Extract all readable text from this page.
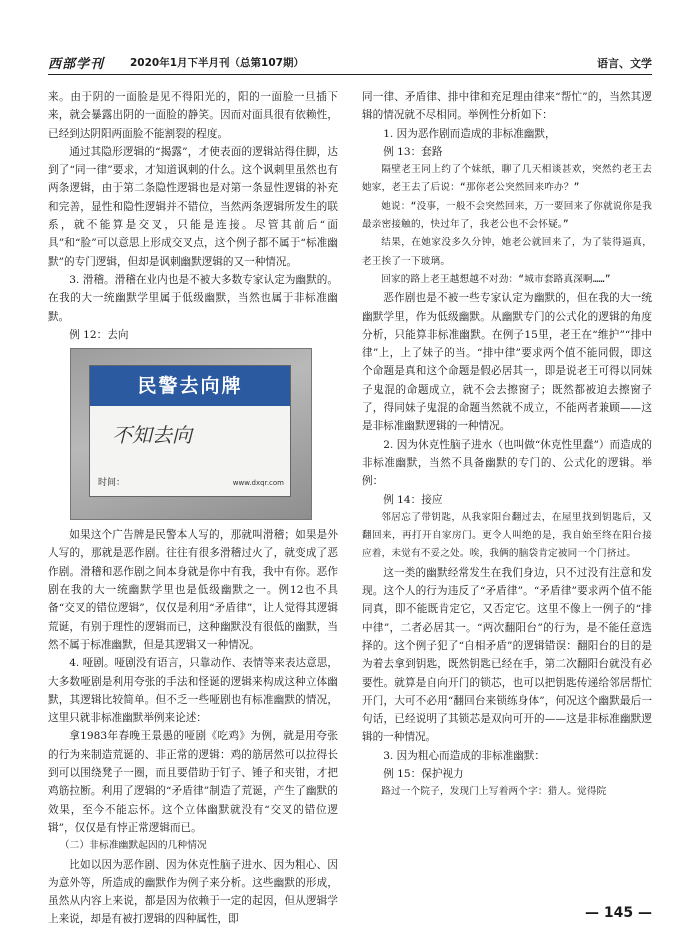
西部学刊 2020年1月下半月刊（总第107期）	语言、文学

来。由于阴的一面脸是见不得阳光的，阳的一面脸一旦插下来，就会暴露出阴的一面脸的静笑。因而对面具很有依赖性，已经到达阴阳两面脸不能割裂的程度。

通过其隐形逻辑的“揭露”，才使表面的逻辑站得住脚，达到了“同一律”要求，才知道讽刺的什么。这个讽刺里虽然也有两条逻辑，由于第二条隐性逻辑也是对第一条显性逻辑的补充和完善，显性和隐性逻辑并不错位，当然两条逻辑所发生的联系，就不能算是交叉，只能是连接。尽管其前后“面具”和“脸”可以意思上形成交叉点，这个例子都不属于“标准幽默”的专门逻辑，但却是讽刺幽默逻辑的又一种情况。

3. 滑稽。滑稽在业内也是不被大多数专家认定为幽默的。在我的大一统幽默学里属于低级幽默，当然也属于非标准幽默。

例 12：去向

民警去向牌
不知去向
时间：	www.dxqr.com

如果这个广告牌是民警本人写的，那就叫滑稽；如果是外人写的，那就是恶作剧。往往有很多滑稽过火了，就变成了恶作剧。滑稽和恶作剧之间本身就是你中有我，我中有你。恶作剧在我的大一统幽默学里也是低级幽默之一。例12也不具备“交叉的错位逻辑”，仅仅是利用“矛盾律”，让人觉得其逻辑荒诞，有别于理性的逻辑而已，这种幽默没有很低的幽默，当然不属于标准幽默，但是其逻辑又一种情况。

4. 哑剧。哑剧没有语言，只靠动作、表情等来表达意思，大多数哑剧是利用夸张的手法和怪诞的逻辑来构成这种立体幽默，其逻辑比较简单。但不乏一些哑剧也有标准幽默的情况，这里只就非标准幽默举例来论述：

拿1983年春晚王景愚的哑剧《吃鸡》为例，就是用夸张的行为来制造荒诞的、非正常的逻辑：鸡的筋居然可以拉得长到可以围绕凳子一圈，而且要借助于钉子、锤子和夹钳，才把鸡筋拉断。利用了逻辑的“矛盾律”制造了荒诞，产生了幽默的效果，至今不能忘怀。这个立体幽默就没有“交叉的错位逻辑”，仅仅是有悖正常逻辑而已。

（二）非标准幽默起因的几种情况

比如以因为恶作剧、因为休克性脑子进水、因为粗心、因为意外等，所造成的幽默作为例子来分析。这些幽默的形成，虽然从内容上来说，都是因为依赖于一定的起因，但从逻辑学上来说，却是有被打逻辑的四种属性，即

同一律、矛盾律、排中律和充足理由律来“帮忙”的，当然其逻辑的情况就不尽相同。举例性分析如下：

1. 因为恶作剧而造成的非标准幽默，

例 13：套路

隔壁老王同上约了个妹纸，聊了几天相谈甚欢，突然约老王去她家，老王去了后说：“那你老公突然回来咋办？”

她说：“没事，一般不会突然回来，万一要回来了你就说你是我最亲密接触的，快过年了，我老公也不会怀疑。”

结果，在她家没多久分钟，她老公就回来了，为了装得逼真，老王挨了一下玻璃。

回家的路上老王越想越不对劲：“城市套路真深啊……”

恶作剧也是不被一些专家认定为幽默的，但在我的大一统幽默学里，作为低级幽默。从幽默专门的公式化的逻辑的角度分析，只能算非标准幽默。在例子15里，老王在“维护”“排中律”上，上了妹子的当。“排中律”要求两个值不能同假，即这个命题是真和这个命题是假必居其一，即是说老王可得以同妹子鬼混的命题成立，就不会去擦窗子；既然都被迫去擦窗子了，得同妹子鬼混的命题当然就不成立，不能两者兼顾——这是非标准幽默逻辑的一种情况。

2. 因为休克性脑子进水（也叫做“休克性里蠢”）而造成的非标准幽默，当然不具备幽默的专门的、公式化的逻辑。举例：

例 14：接应

邻居忘了带钥匙，从我家阳台翻过去，在屋里找到钥匙后，又翻回来，再打开自家房门。更令人叫绝的是，我自始至终在阳台接应着，未觉有不妥之处。唉，我俩的脑袋肯定被同一个门挤过。

这一类的幽默经常发生在我们身边，只不过没有注意和发现。这个人的行为违反了“矛盾律”。“矛盾律”要求两个值不能同真，即不能既肯定它，又否定它。这里不像上一例子的“排中律”，二者必居其一。“两次翻阳台”的行为，是不能任意选择的。这个例子犯了“自相矛盾”的逻辑错误：翻阳台的目的是为着去拿到钥匙，既然钥匙已经在手，第二次翻阳台就没有必要性。就算是自向开门的锁芯，也可以把钥匙传递给邻居帮忙开门，大可不必用“翻回台来锁练身体”，何况这个幽默最后一句话，已经说明了其锁芯是双向可开的——这是非标准幽默逻辑的一种情况。

3. 因为粗心而造成的非标准幽默：

例 15：保护视力

路过一个院子，发现门上写着两个字：猎人。觉得院

— 145 —
